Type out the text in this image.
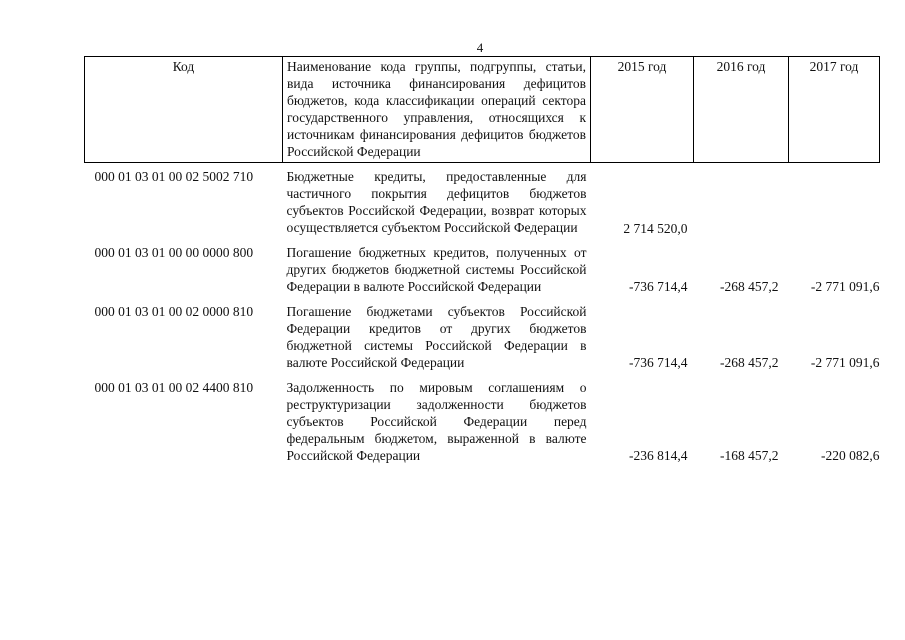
4
Код	Наименование кода группы, подгруппы, статьи, вида источника финансирования дефицитов бюджетов, кода классификации операций сектора государственного управления, относящихся к источникам финансирования дефицитов бюджетов Российской Федерации	2015 год	2016 год	2017 год
000 01 03 01 00 02 5002 710	Бюджетные кредиты, предоставленные для частичного покрытия дефицитов бюджетов субъектов Российской Федерации, возврат которых осуществляется субъектом Российской Федерации	2 714 520,0		
000 01 03 01 00 00 0000 800	Погашение бюджетных кредитов, полученных от других бюджетов бюджетной системы Российской Федерации в валюте Российской Федерации	-736 714,4	-268 457,2	-2 771 091,6
000 01 03 01 00 02 0000 810	Погашение бюджетами субъектов Российской Федерации кредитов от других бюджетов бюджетной системы Российской Федерации в валюте Российской Федерации	-736 714,4	-268 457,2	-2 771 091,6
000 01 03 01 00 02 4400 810	Задолженность по мировым соглашениям о реструктуризации задолженности бюджетов субъектов Российской Федерации перед федеральным бюджетом, выраженной в валюте Российской Федерации	-236 814,4	-168 457,2	-220 082,6
